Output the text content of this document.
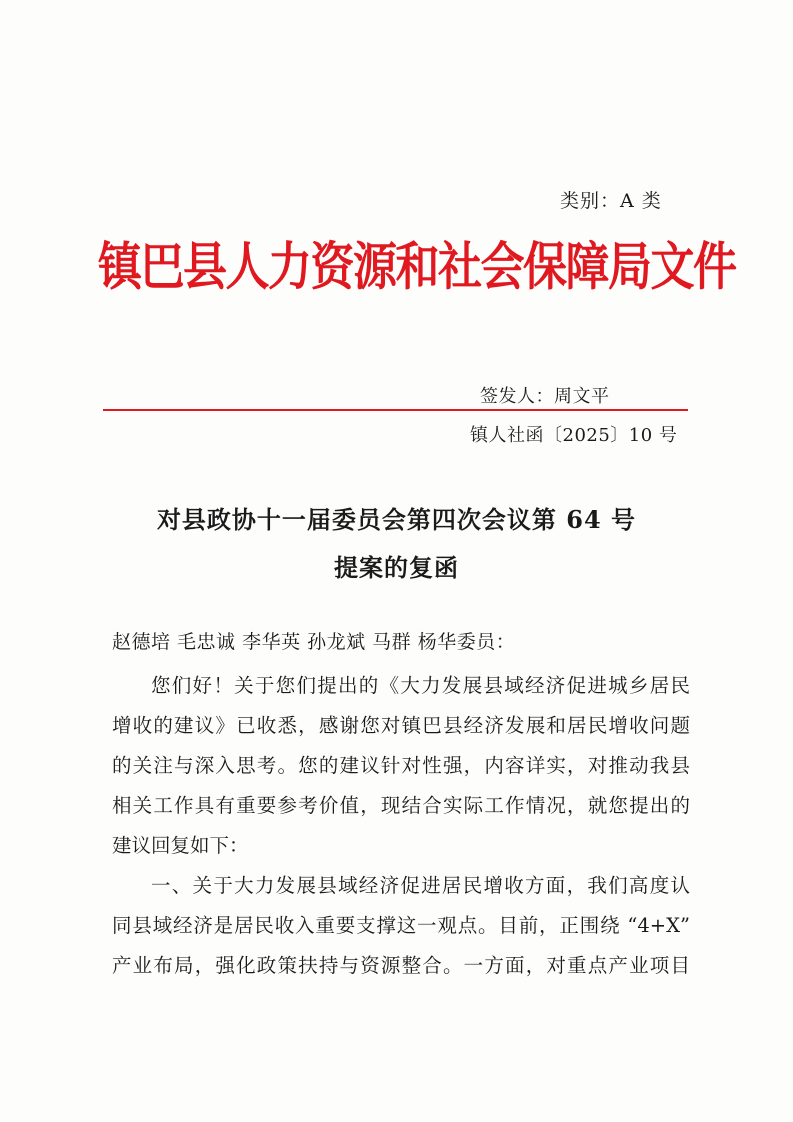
类别：A 类
镇巴县人力资源和社会保障局文件
签发人：周文平
镇人社函〔2025〕10 号
对县政协十一届委员会第四次会议第 64 号
提案的复函
赵德培 毛忠诚 李华英 孙龙斌 马群 杨华委员：
您们好！关于您们提出的《大力发展县域经济促进城乡居民
增收的建议》已收悉，感谢您对镇巴县经济发展和居民增收问题
的关注与深入思考。您的建议针对性强，内容详实，对推动我县
相关工作具有重要参考价值，现结合实际工作情况，就您提出的
建议回复如下：
一、关于大力发展县域经济促进居民增收方面，我们高度认
同县域经济是居民收入重要支撑这一观点。目前，正围绕 “4+X”
产业布局，强化政策扶持与资源整合。一方面，对重点产业项目
